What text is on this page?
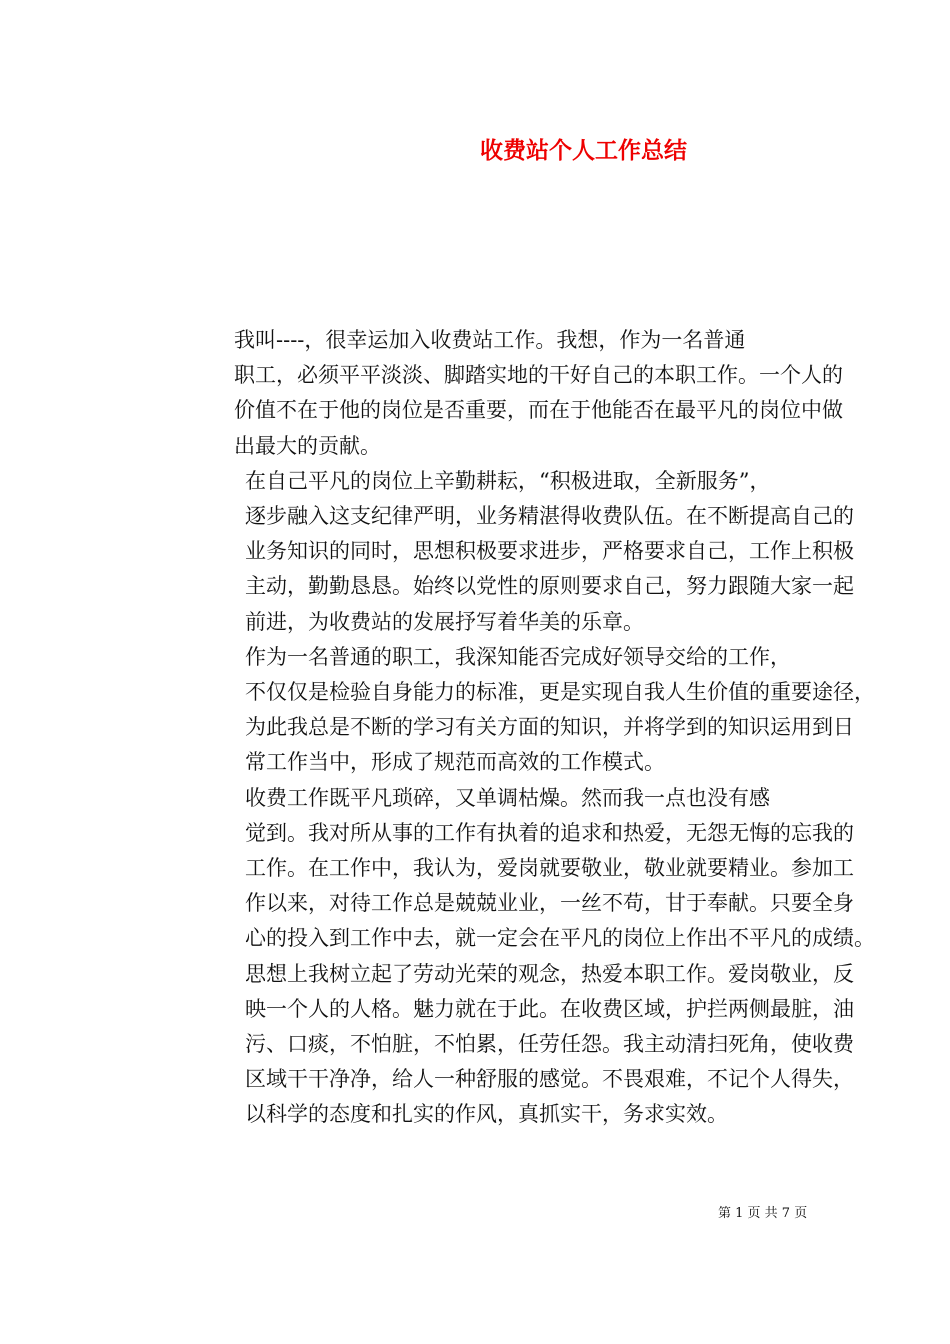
收费站个人工作总结

我叫----，很幸运加入收费站工作。我想，作为一名普通
职工，必须平平淡淡、脚踏实地的干好自己的本职工作。一个人的
价值不在于他的岗位是否重要，而在于他能否在最平凡的岗位中做
出最大的贡献。

在自己平凡的岗位上辛勤耕耘，“积极进取，全新服务”，
逐步融入这支纪律严明，业务精湛得收费队伍。在不断提高自己的
业务知识的同时，思想积极要求进步，严格要求自己，工作上积极
主动，勤勤恳恳。始终以党性的原则要求自己，努力跟随大家一起
前进，为收费站的发展抒写着华美的乐章。

作为一名普通的职工，我深知能否完成好领导交给的工作，
不仅仅是检验自身能力的标准，更是实现自我人生价值的重要途径，
为此我总是不断的学习有关方面的知识，并将学到的知识运用到日
常工作当中，形成了规范而高效的工作模式。

收费工作既平凡琐碎，又单调枯燥。然而我一点也没有感
觉到。我对所从事的工作有执着的追求和热爱，无怨无悔的忘我的
工作。在工作中，我认为，爱岗就要敬业，敬业就要精业。参加工
作以来，对待工作总是兢兢业业，一丝不苟，甘于奉献。只要全身
心的投入到工作中去，就一定会在平凡的岗位上作出不平凡的成绩。
思想上我树立起了劳动光荣的观念，热爱本职工作。爱岗敬业，反
映一个人的人格。魅力就在于此。在收费区域，护拦两侧最脏，油
污、口痰，不怕脏，不怕累，任劳任怨。我主动清扫死角，使收费
区域干干净净，给人一种舒服的感觉。不畏艰难，不记个人得失，
以科学的态度和扎实的作风，真抓实干，务求实效。

第 1 页 共 7 页
